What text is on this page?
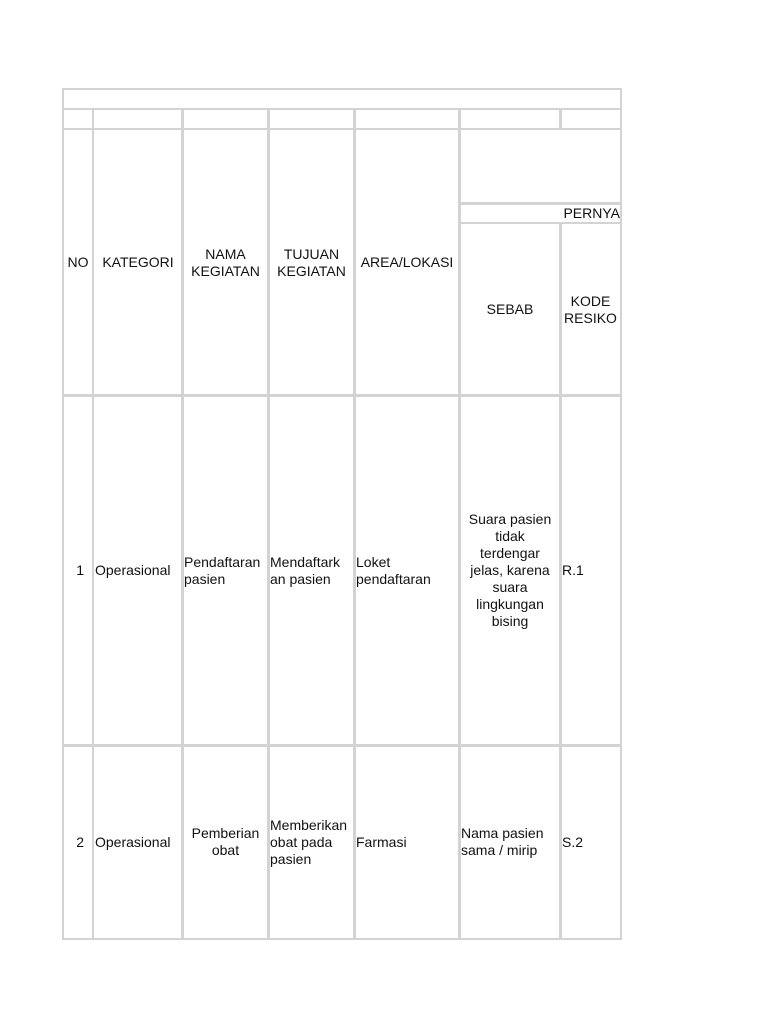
NO KATEGORI
NAMA
KEGIATAN
TUJUAN
KEGIATAN
AREA/LOKASI
PERNYA
SEBAB
KODE
RESIKO
1 Operasional
Pendaftaran
pasien
Mendaftark
an pasien
Loket
pendaftaran
Suara pasien
tidak
terdengar
jelas, karena
suara
lingkungan
bising
R.1
2 Operasional
Pemberian
obat
Memberikan
obat pada
pasien
Farmasi
Nama pasien
sama / mirip
S.2
